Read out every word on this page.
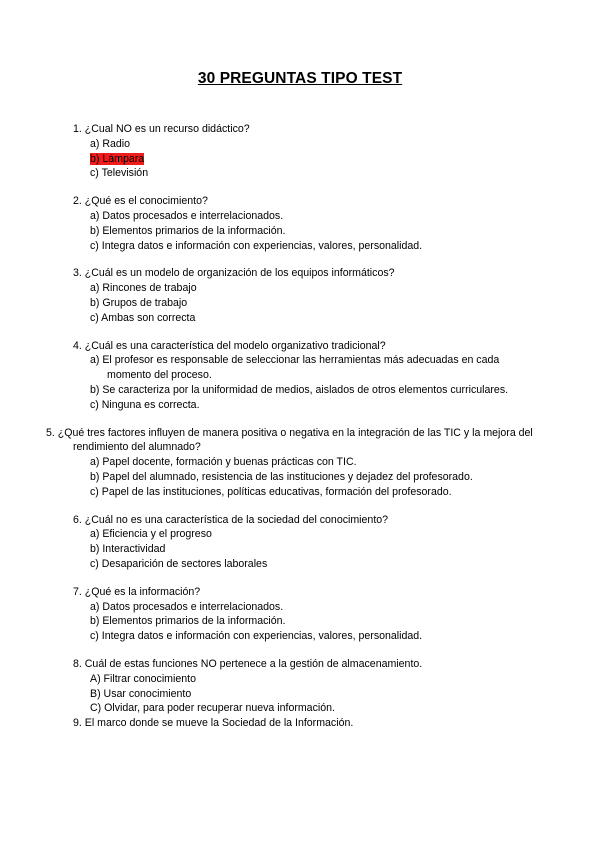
30 PREGUNTAS TIPO TEST
1. ¿Cual NO es un recurso didáctico?
a) Radio
b) Lámpara
c) Televisión
2. ¿Qué es el conocimiento?
a) Datos procesados e interrelacionados.
b) Elementos primarios de la información.
c) Integra datos e información con experiencias, valores, personalidad.
3. ¿Cuál es un modelo de organización de los equipos informáticos?
a) Rincones de trabajo
b) Grupos de trabajo
c) Ambas son correcta
4. ¿Cuál es una característica del modelo organizativo tradicional?
a) El profesor es responsable de seleccionar las herramientas más adecuadas en cada momento del proceso.
b) Se caracteriza por la uniformidad de medios, aislados de otros elementos curriculares.
c) Ninguna es correcta.
5. ¿Qué tres factores influyen de manera positiva o negativa en la integración de las TIC y la mejora del rendimiento del alumnado?
a) Papel docente, formación y buenas prácticas con TIC.
b) Papel del alumnado, resistencia de las instituciones y dejadez del profesorado.
c) Papel de las instituciones, políticas educativas, formación del profesorado.
6. ¿Cuál no es una característica de la sociedad del conocimiento?
a) Eficiencia y el progreso
b) Interactividad
c) Desaparición de sectores laborales
7. ¿Qué es la información?
a) Datos procesados e interrelacionados.
b) Elementos primarios de la información.
c) Integra datos e información con experiencias, valores, personalidad.
8. Cuál de estas funciones NO pertenece a la gestión de almacenamiento.
A) Filtrar conocimiento
B) Usar conocimiento
C) Olvidar, para poder recuperar nueva información.
9. El marco donde se mueve la Sociedad de la Información.
